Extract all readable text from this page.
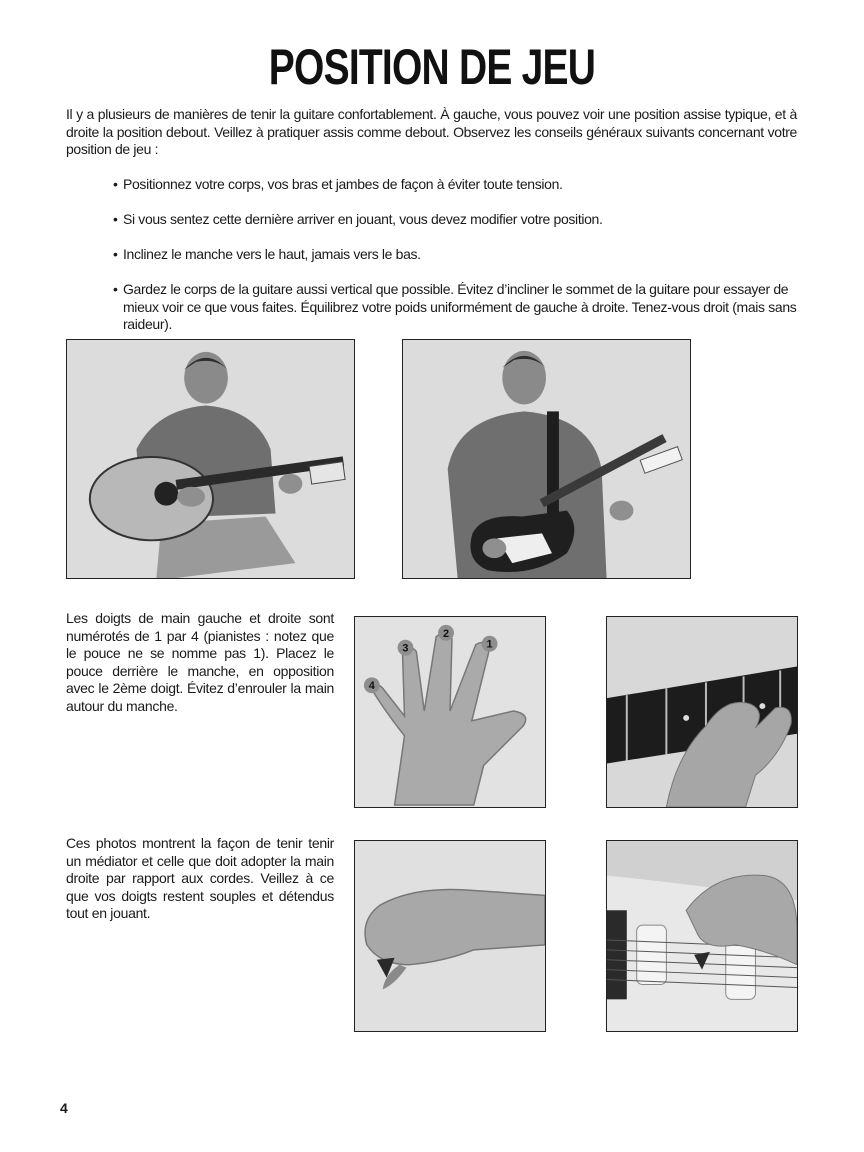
POSITION DE JEU
Il y a plusieurs de manières de tenir la guitare confortablement. À gauche, vous pouvez voir une position assise typique, et à droite la position debout. Veillez à pratiquer assis comme debout. Observez les conseils généraux suivants concernant votre position de jeu :
• Positionnez votre corps, vos bras et jambes de façon à éviter toute tension.
• Si vous sentez cette dernière arriver en jouant, vous devez modifier votre position.
• Inclinez le manche vers le haut, jamais vers le bas.
• Gardez le corps de la guitare aussi vertical que possible. Évitez d’incliner le sommet de la guitare pour essayer de mieux voir ce que vous faites. Équilibrez votre poids uniformément de gauche à droite. Tenez-vous droit (mais sans raideur).
Les doigts de main gauche et droite sont numérotés de 1 par 4 (pianistes : notez que le pouce ne se nomme pas 1). Placez le pouce derrière le manche, en opposition avec le 2ème doigt. Évitez d’enrouler la main autour du manche.
1
2
3
4
Ces photos montrent la façon de tenir tenir un médiator et celle que doit adopter la main droite par rapport aux cordes. Veillez à ce que vos doigts restent souples et détendus tout en jouant.
4
